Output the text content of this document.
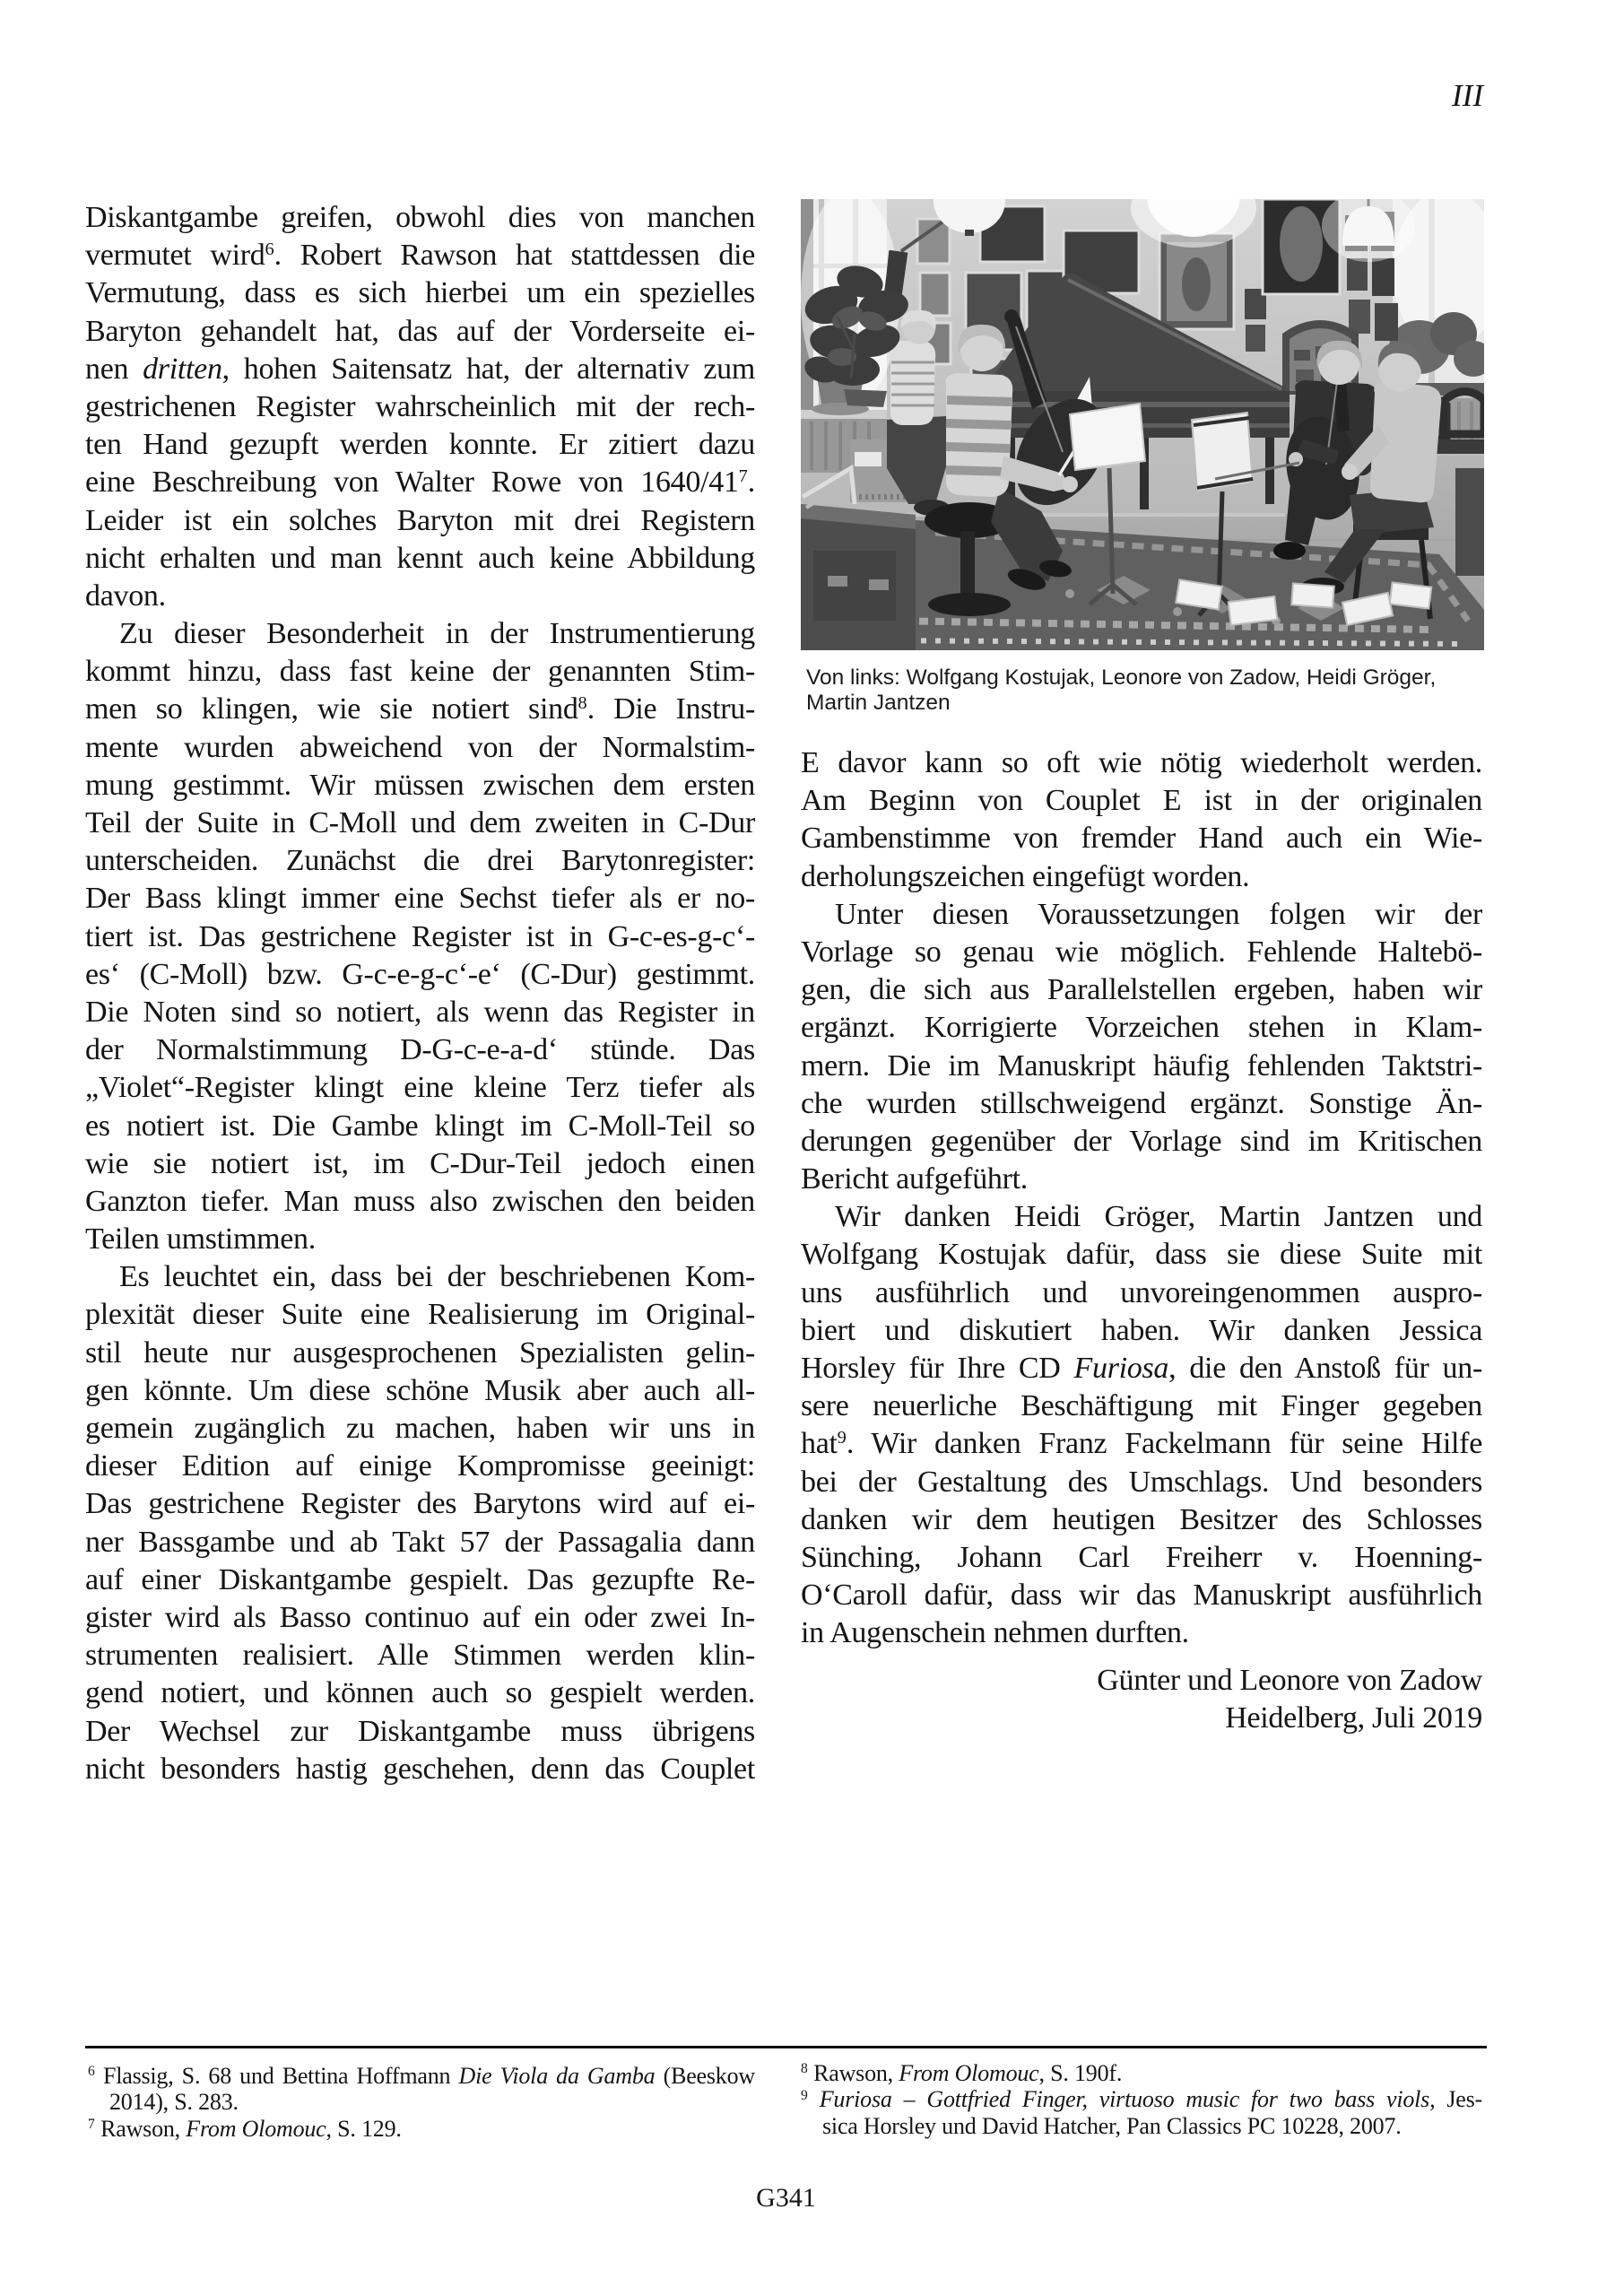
III
Diskantgambe greifen, obwohl dies von manchen
vermutet wird$^6$. Robert Rawson hat stattdessen die
Vermutung, dass es sich hierbei um ein spezielles
Baryton gehandelt hat, das auf der Vorderseite ei-
nen dritten, hohen Saitensatz hat, der alternativ zum
gestrichenen Register wahrscheinlich mit der rech-
ten Hand gezupft werden konnte. Er zitiert dazu
eine Beschreibung von Walter Rowe von $1640/41^7$.
Leider ist ein solches Baryton mit drei Registern
nicht erhalten und man kennt auch keine Abbildung
davon.
Zu dieser Besonderheit in der Instrumentierung
kommt hinzu, dass fast keine der genannten Stim-
men so klingen, wie sie notiert sind$^8$. Die Instru-
mente wurden abweichend von der Normalstim-
mung gestimmt. Wir müssen zwischen dem ersten
Teil der Suite in C-Moll und dem zweiten in C-Dur
unterscheiden. Zunächst die drei Barytonregister:
Der Bass klingt immer eine Sechst tiefer als er no-
tiert ist. Das gestrichene Register ist in G-c-es-g-c‘-
es‘ (C-Moll) bzw. G-c-e-g-c‘-e‘ (C-Dur) gestimmt.
Die Noten sind so notiert, als wenn das Register in
der Normalstimmung D-G-c-e-a-d‘ stünde. Das
„Violet“-Register klingt eine kleine Terz tiefer als
es notiert ist. Die Gambe klingt im C-Moll-Teil so
wie sie notiert ist, im C-Dur-Teil jedoch einen
Ganzton tiefer. Man muss also zwischen den beiden
Teilen umstimmen.
Es leuchtet ein, dass bei der beschriebenen Kom-
plexität dieser Suite eine Realisierung im Original-
stil heute nur ausgesprochenen Spezialisten gelin-
gen könnte. Um diese schöne Musik aber auch all-
gemein zugänglich zu machen, haben wir uns in
dieser Edition auf einige Kompromisse geeinigt:
Das gestrichene Register des Barytons wird auf ei-
ner Bassgambe und ab Takt 57 der Passagalia dann
auf einer Diskantgambe gespielt. Das gezupfte Re-
gister wird als Basso continuo auf ein oder zwei In-
strumenten realisiert. Alle Stimmen werden klin-
gend notiert, und können auch so gespielt werden.
Der Wechsel zur Diskantgambe muss übrigens
nicht besonders hastig geschehen, denn das Couplet
Von links: Wolfgang Kostujak, Leonore von Zadow, Heidi Gröger,
Martin Jantzen
E davor kann so oft wie nötig wiederholt werden.
Am Beginn von Couplet E ist in der originalen
Gambenstimme von fremder Hand auch ein Wie-
derholungszeichen eingefügt worden.
Unter diesen Voraussetzungen folgen wir der
Vorlage so genau wie möglich. Fehlende Haltebö-
gen, die sich aus Parallelstellen ergeben, haben wir
ergänzt. Korrigierte Vorzeichen stehen in Klam-
mern. Die im Manuskript häufig fehlenden Taktstri-
che wurden stillschweigend ergänzt. Sonstige Än-
derungen gegenüber der Vorlage sind im Kritischen
Bericht aufgeführt.
Wir danken Heidi Gröger, Martin Jantzen und
Wolfgang Kostujak dafür, dass sie diese Suite mit
uns ausführlich und unvoreingenommen auspro-
biert und diskutiert haben. Wir danken Jessica
Horsley für Ihre CD Furiosa, die den Anstoß für un-
sere neuerliche Beschäftigung mit Finger gegeben
hat$^9$. Wir danken Franz Fackelmann für seine Hilfe
bei der Gestaltung des Umschlags. Und besonders
danken wir dem heutigen Besitzer des Schlosses
Sünching, Johann Carl Freiherr v. Hoenning-
O‘Caroll dafür, dass wir das Manuskript ausführlich
in Augenschein nehmen durften.
Günter und Leonore von Zadow
Heidelberg, Juli 2019
$^6$ Flassig, S. 68 und Bettina Hoffmann Die Viola da Gamba (Beeskow
2014), S. 283.
$^7$ Rawson, From Olomouc, S. 129.
$^8$ Rawson, From Olomouc, S. 190f.
$^9$ Furiosa – Gottfried Finger, virtuoso music for two bass viols, Jes-
sica Horsley und David Hatcher, Pan Classics PC 10228, 2007.
G341
